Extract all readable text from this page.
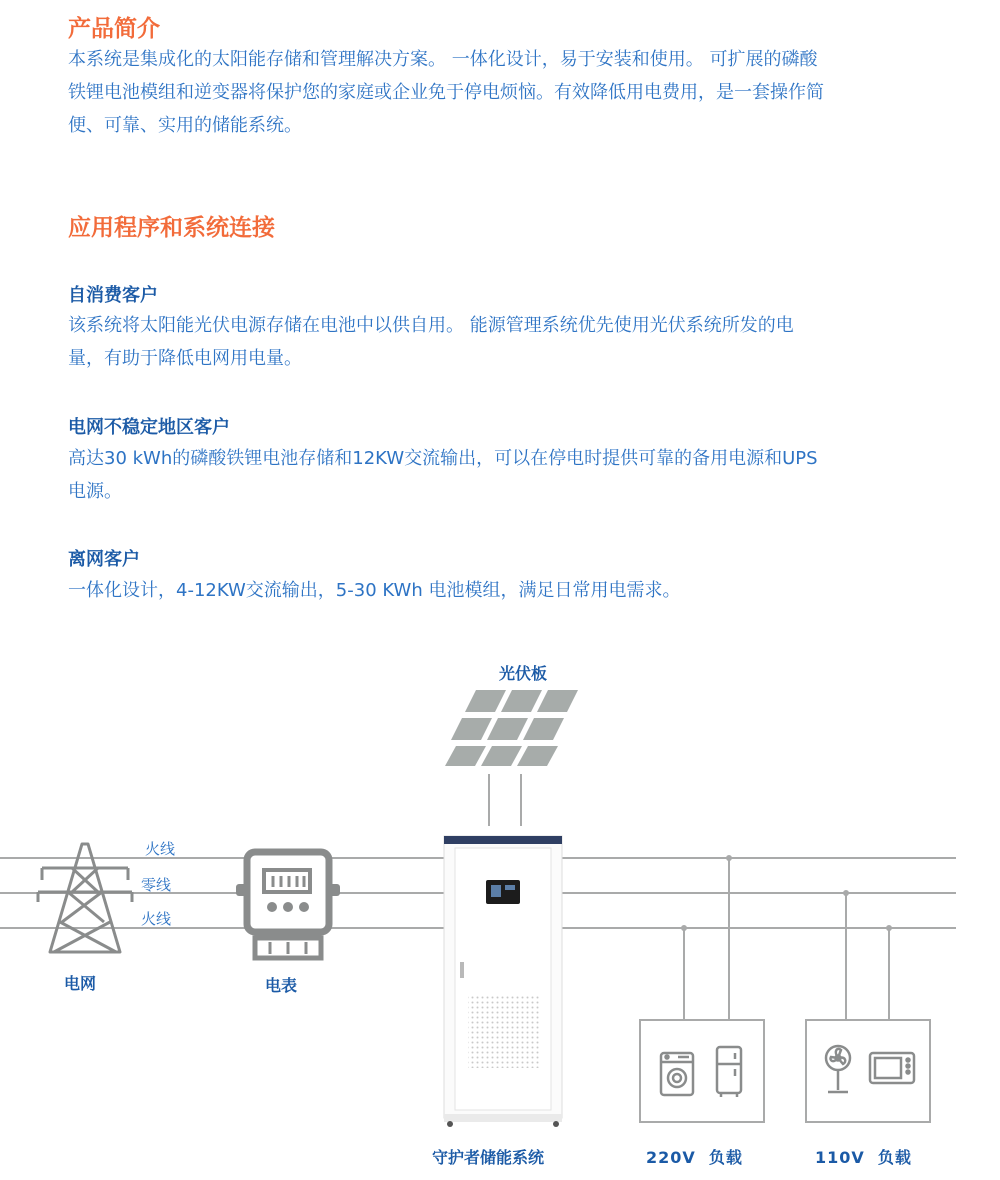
产品简介

本系统是集成化的太阳能存储和管理解决方案。 一体化设计，易于安装和使用。 可扩展的磷酸
铁锂电池模组和逆变器将保护您的家庭或企业免于停电烦恼。有效降低用电费用，是一套操作简
便、可靠、实用的储能系统。

应用程序和系统连接
自消费客户

该系统将太阳能光伏电源存储在电池中以供自用。 能源管理系统优先使用光伏系统所发的电
量，有助于降低电网用电量。

电网不稳定地区客户

高达30 kWh的磷酸铁锂电池存储和12KW交流输出，可以在停电时提供可靠的备用电源和UPS
电源。

离网客户

一体化设计，4-12KW交流输出，5-30 KWh 电池模组，满足日常用电需求。

光伏板
火线
零线
火线
电网	电表
守护者储能系统	220V  负载	110V  负载
